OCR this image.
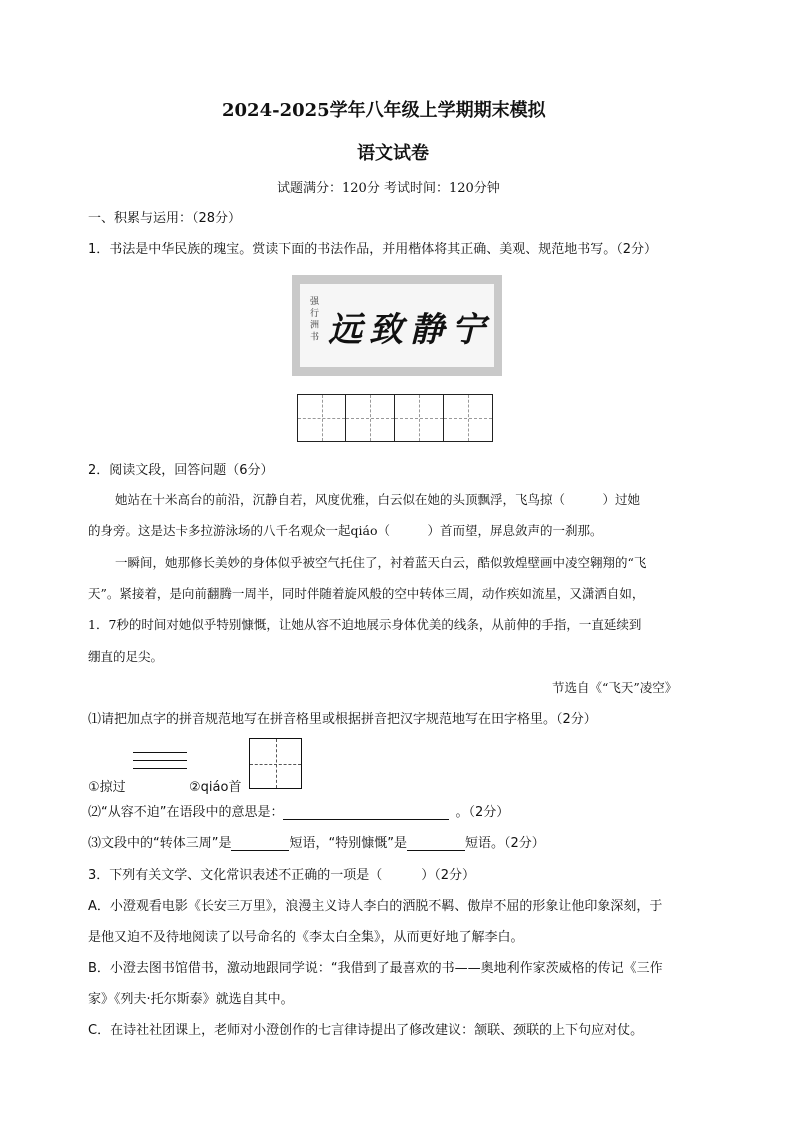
2024-2025学年八年级上学期期末模拟
语文试卷
试题满分：120分 考试时间：120分钟
一、积累与运用：（28分）
1．书法是中华民族的瑰宝。赏读下面的书法作品，并用楷体将其正确、美观、规范地书写。（2分）
强 行 洲 书 远 致 静 宁
2．阅读文段，回答问题（6分）
她站在十米高台的前沿，沉静自若，风度优雅，白云似在她的头顶飘浮，飞鸟掠（　　　）过她
的身旁。这是达卡多拉游泳场的八千名观众一起qiáo（　　　）首而望，屏息敛声的一刹那。
一瞬间，她那修长美妙的身体似乎被空气托住了，衬着蓝天白云，酷似敦煌壁画中凌空翱翔的“飞
天”。紧接着，是向前翻腾一周半，同时伴随着旋风般的空中转体三周，动作疾如流星，又潇洒自如，
1．7秒的时间对她似乎特别慷慨，让她从容不迫地展示身体优美的线条，从前伸的手指，一直延续到
绷直的足尖。
节选自《“飞天”凌空》
⑴请把加点字的拼音规范地写在拼音格里或根据拼音把汉字规范地写在田字格里。（2分）
①掠过	②qiáo首
⑵“从容不迫”在语段中的意思是：	。（2分）
⑶文段中的“转体三周”是	短语，“特别慷慨”是	短语。（2分）
3．下列有关文学、文化常识表述不正确的一项是（　　　）（2分）
A．小澄观看电影《长安三万里》，浪漫主义诗人李白的洒脱不羁、傲岸不屈的形象让他印象深刻，于
是他又迫不及待地阅读了以号命名的《李太白全集》，从而更好地了解李白。
B．小澄去图书馆借书，激动地跟同学说：“我借到了最喜欢的书——奥地利作家茨威格的传记《三作
家》《列夫·托尔斯泰》就选自其中。
C．在诗社社团课上，老师对小澄创作的七言律诗提出了修改建议：颔联、颈联的上下句应对仗。
